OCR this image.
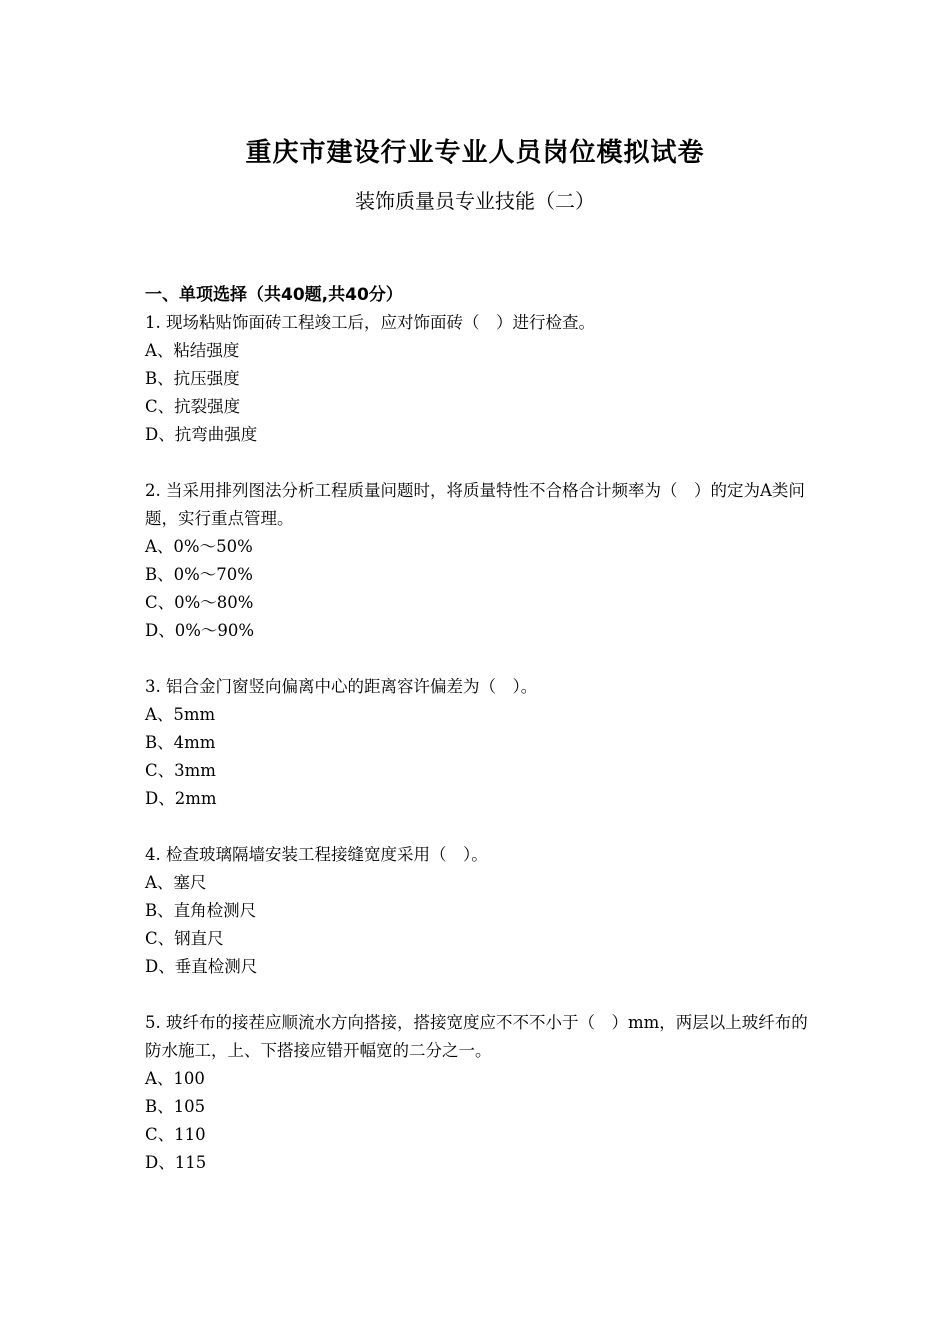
重庆市建设行业专业人员岗位模拟试卷
装饰质量员专业技能（二）
一、单项选择（共40题,共40分）

1. 现场粘贴饰面砖工程竣工后，应对饰面砖（　）进行检查。

A、粘结强度

B、抗压强度

C、抗裂强度

D、抗弯曲强度

2. 当采用排列图法分析工程质量问题时，将质量特性不合格合计频率为（　）的定为A类问题，实行重点管理。

A、0%～50%

B、0%～70%

C、0%～80%

D、0%～90%

3. 铝合金门窗竖向偏离中心的距离容许偏差为（　）。

A、5mm

B、4mm

C、3mm

D、2mm

4. 检查玻璃隔墙安装工程接缝宽度采用（　）。

A、塞尺

B、直角检测尺

C、钢直尺

D、垂直检测尺

5. 玻纤布的接茬应顺流水方向搭接，搭接宽度应不不不小于（　）mm，两层以上玻纤布的防水施工，上、下搭接应错开幅宽的二分之一。

A、100

B、105

C、110

D、115
